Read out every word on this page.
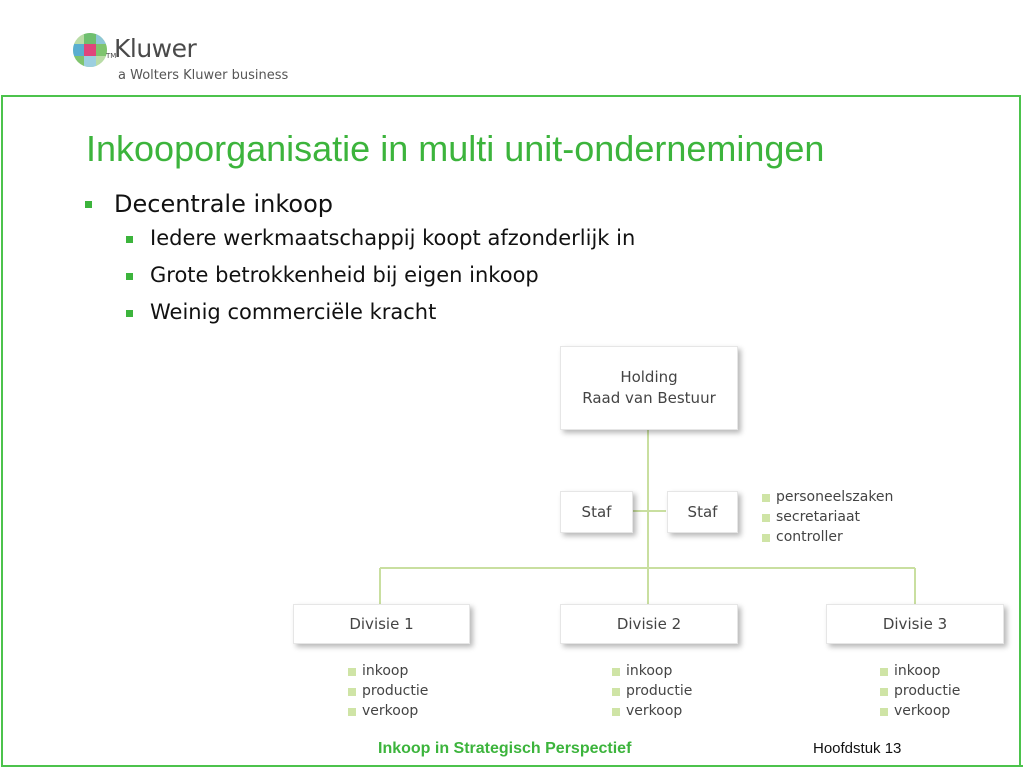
TM
Kluwer
a Wolters Kluwer business
Inkooporganisatie in multi unit-ondernemingen
Decentrale inkoop
Iedere werkmaatschappij koopt afzonderlijk in
Grote betrokkenheid bij eigen inkoop
Weinig commerciële kracht
Holding
Raad van Bestuur
Staf	Staf
personeelszaken
secretariaat
controller
Divisie 1	Divisie 2	Divisie 3
inkoop
productie
verkoop
inkoop
productie
verkoop
inkoop
productie
verkoop
Inkoop in Strategisch Perspectief	Hoofdstuk 13
